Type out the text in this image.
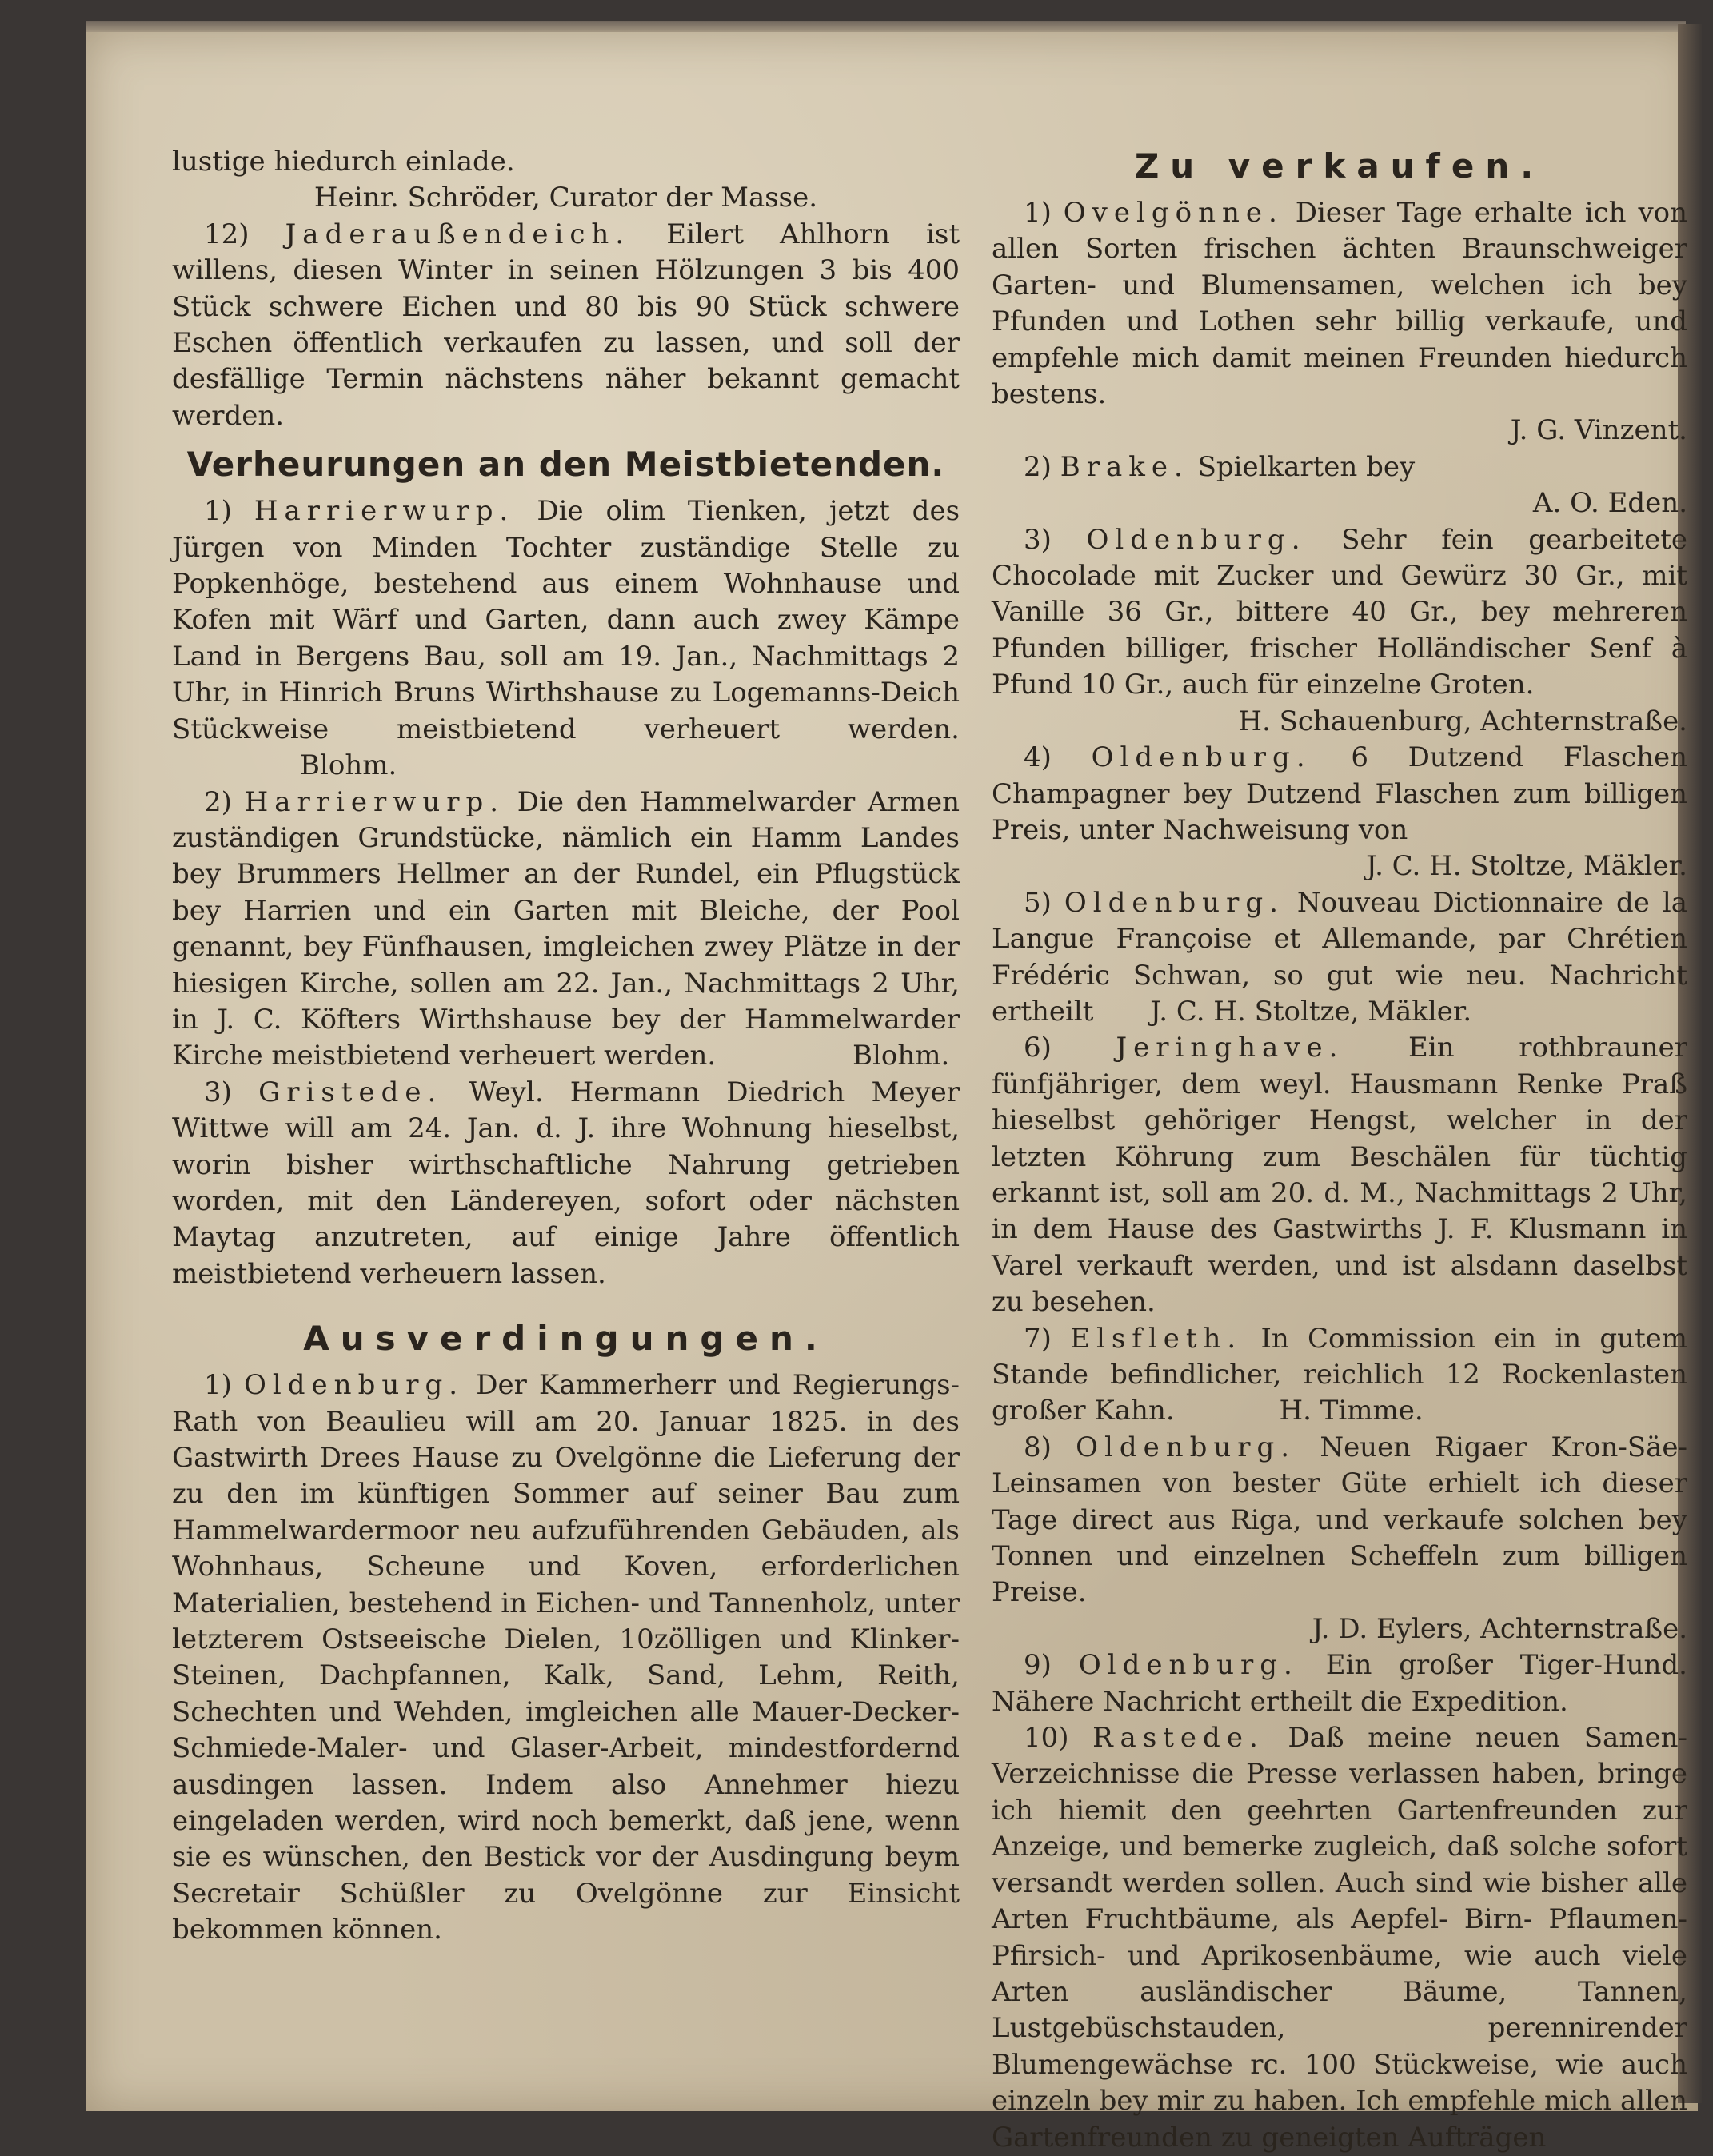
lustige hiedurch einlade.

Heinr. Schröder, Curator der Masse.

12) Jaderaußendeich. Eilert Ahlhorn ist willens, diesen Winter in seinen Hölzungen 3 bis 400 Stück schwere Eichen und 80 bis 90 Stück schwere Eschen öffentlich verkaufen zu lassen, und soll der desfällige Termin nächstens näher bekannt gemacht werden.

Verheurungen an den Meistbietenden.

1) Harrierwurp. Die olim Tienken, jetzt des Jürgen von Minden Tochter zuständige Stelle zu Popkenhöge, bestehend aus einem Wohnhause und Kofen mit Wärf und Garten, dann auch zwey Kämpe Land in Bergens Bau, soll am 19. Jan., Nachmittags 2 Uhr, in Hinrich Bruns Wirthshause zu Logemanns-Deich Stückweise meistbietend verheuert werden. Blohm.

2) Harrierwurp. Die den Hammelwarder Armen zuständigen Grundstücke, nämlich ein Hamm Landes bey Brummers Hellmer an der Rundel, ein Pflugstück bey Harrien und ein Garten mit Bleiche, der Pool genannt, bey Fünfhausen, imgleichen zwey Plätze in der hiesigen Kirche, sollen am 22. Jan., Nachmittags 2 Uhr, in J. C. Köfters Wirthshause bey der Hammelwarder Kirche meistbietend verheuert werden.	Blohm.

3) Gristede. Weyl. Hermann Diedrich Meyer Wittwe will am 24. Jan. d. J. ihre Wohnung hieselbst, worin bisher wirthschaftliche Nahrung getrieben worden, mit den Ländereyen, sofort oder nächsten Maytag anzutreten, auf einige Jahre öffentlich meistbietend verheuern lassen.

Ausverdingungen.

1) Oldenburg. Der Kammerherr und Regierungs-Rath von Beaulieu will am 20. Januar 1825. in des Gastwirth Drees Hause zu Ovelgönne die Lieferung der zu den im künftigen Sommer auf seiner Bau zum Hammelwardermoor neu aufzuführenden Gebäuden, als Wohnhaus, Scheune und Koven, erforderlichen Materialien, bestehend in Eichen- und Tannenholz, unter letzterem Ostseeische Dielen, 10zölligen und Klinker-Steinen, Dachpfannen, Kalk, Sand, Lehm, Reith, Schechten und Wehden, imgleichen alle Mauer-Decker-Schmiede-Maler- und Glaser-Arbeit, mindestfordernd ausdingen lassen. Indem also Annehmer hiezu eingeladen werden, wird noch bemerkt, daß jene, wenn sie es wünschen, den Bestick vor der Ausdingung beym Secretair Schüßler zu Ovelgönne zur Einsicht bekommen können.

Zu verkaufen.

1) Ovelgönne. Dieser Tage erhalte ich von allen Sorten frischen ächten Braunschweiger Garten- und Blumensamen, welchen ich bey Pfunden und Lothen sehr billig verkaufe, und empfehle mich damit meinen Freunden hiedurch bestens.

J. G. Vinzent.

2) Brake. Spielkarten bey

A. O. Eden.

3) Oldenburg. Sehr fein gearbeitete Chocolade mit Zucker und Gewürz 30 Gr., mit Vanille 36 Gr., bittere 40 Gr., bey mehreren Pfunden billiger, frischer Holländischer Senf à Pfund 10 Gr., auch für einzelne Groten.

H. Schauenburg, Achternstraße.

4) Oldenburg. 6 Dutzend Flaschen Champagner bey Dutzend Flaschen zum billigen Preis, unter Nachweisung von

J. C. H. Stoltze, Mäkler.

5) Oldenburg. Nouveau Dictionnaire de la Langue Françoise et Allemande, par Chrétien Frédéric Schwan, so gut wie neu. Nachricht ertheilt J. C. H. Stoltze, Mäkler.

6) Jeringhave. Ein rothbrauner fünfjähriger, dem weyl. Hausmann Renke Praß hieselbst gehöriger Hengst, welcher in der letzten Köhrung zum Beschälen für tüchtig erkannt ist, soll am 20. d. M., Nachmittags 2 Uhr, in dem Hause des Gastwirths J. F. Klusmann in Varel verkauft werden, und ist alsdann daselbst zu besehen.

7) Elsfleth. In Commission ein in gutem Stande befindlicher, reichlich 12 Rockenlasten großer Kahn.	H. Timme.

8) Oldenburg. Neuen Rigaer Kron-Säe-Leinsamen von bester Güte erhielt ich dieser Tage direct aus Riga, und verkaufe solchen bey Tonnen und einzelnen Scheffeln zum billigen Preise.

J. D. Eylers, Achternstraße.

9) Oldenburg. Ein großer Tiger-Hund. Nähere Nachricht ertheilt die Expedition.

10) Rastede. Daß meine neuen Samen-Verzeichnisse die Presse verlassen haben, bringe ich hiemit den geehrten Gartenfreunden zur Anzeige, und bemerke zugleich, daß solche sofort versandt werden sollen. Auch sind wie bisher alle Arten Fruchtbäume, als Aepfel- Birn- Pflaumen- Pfirsich- und Aprikosenbäume, wie auch viele Arten ausländischer Bäume, Tannen, Lustgebüschstauden, perennirender Blumengewächse rc. 100 Stückweise, wie auch einzeln bey mir zu haben. Ich empfehle mich allen Gartenfreunden zu geneigten Aufträgen
